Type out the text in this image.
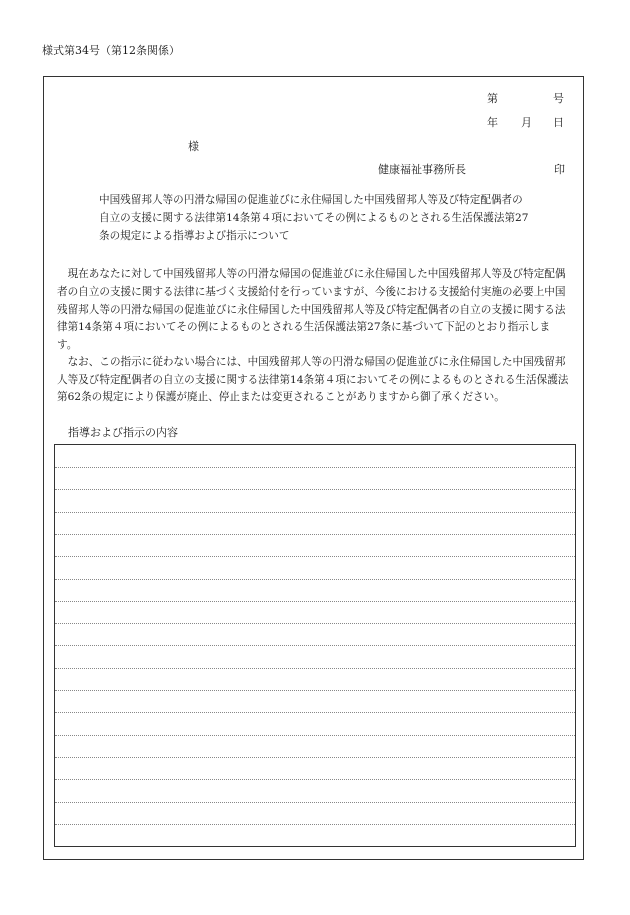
様式第34号（第12条関係）
第	号
年 月 日
様
健康福祉事務所長	印
中国残留邦人等の円滑な帰国の促進並びに永住帰国した中国残留邦人等及び特定配偶者の
自立の支援に関する法律第14条第４項においてその例によるものとされる生活保護法第27
条の規定による指導および指示について
　現在あなたに対して中国残留邦人等の円滑な帰国の促進並びに永住帰国した中国残留邦人等及び特定配偶
者の自立の支援に関する法律に基づく支援給付を行っていますが、今後における支援給付実施の必要上中国
残留邦人等の円滑な帰国の促進並びに永住帰国した中国残留邦人等及び特定配偶者の自立の支援に関する法
律第14条第４項においてその例によるものとされる生活保護法第27条に基づいて下記のとおり指示しま
す。
　なお、この指示に従わない場合には、中国残留邦人等の円滑な帰国の促進並びに永住帰国した中国残留邦
人等及び特定配偶者の自立の支援に関する法律第14条第４項においてその例によるものとされる生活保護法
第62条の規定により保護が廃止、停止または変更されることがありますから御了承ください。
指導および指示の内容
